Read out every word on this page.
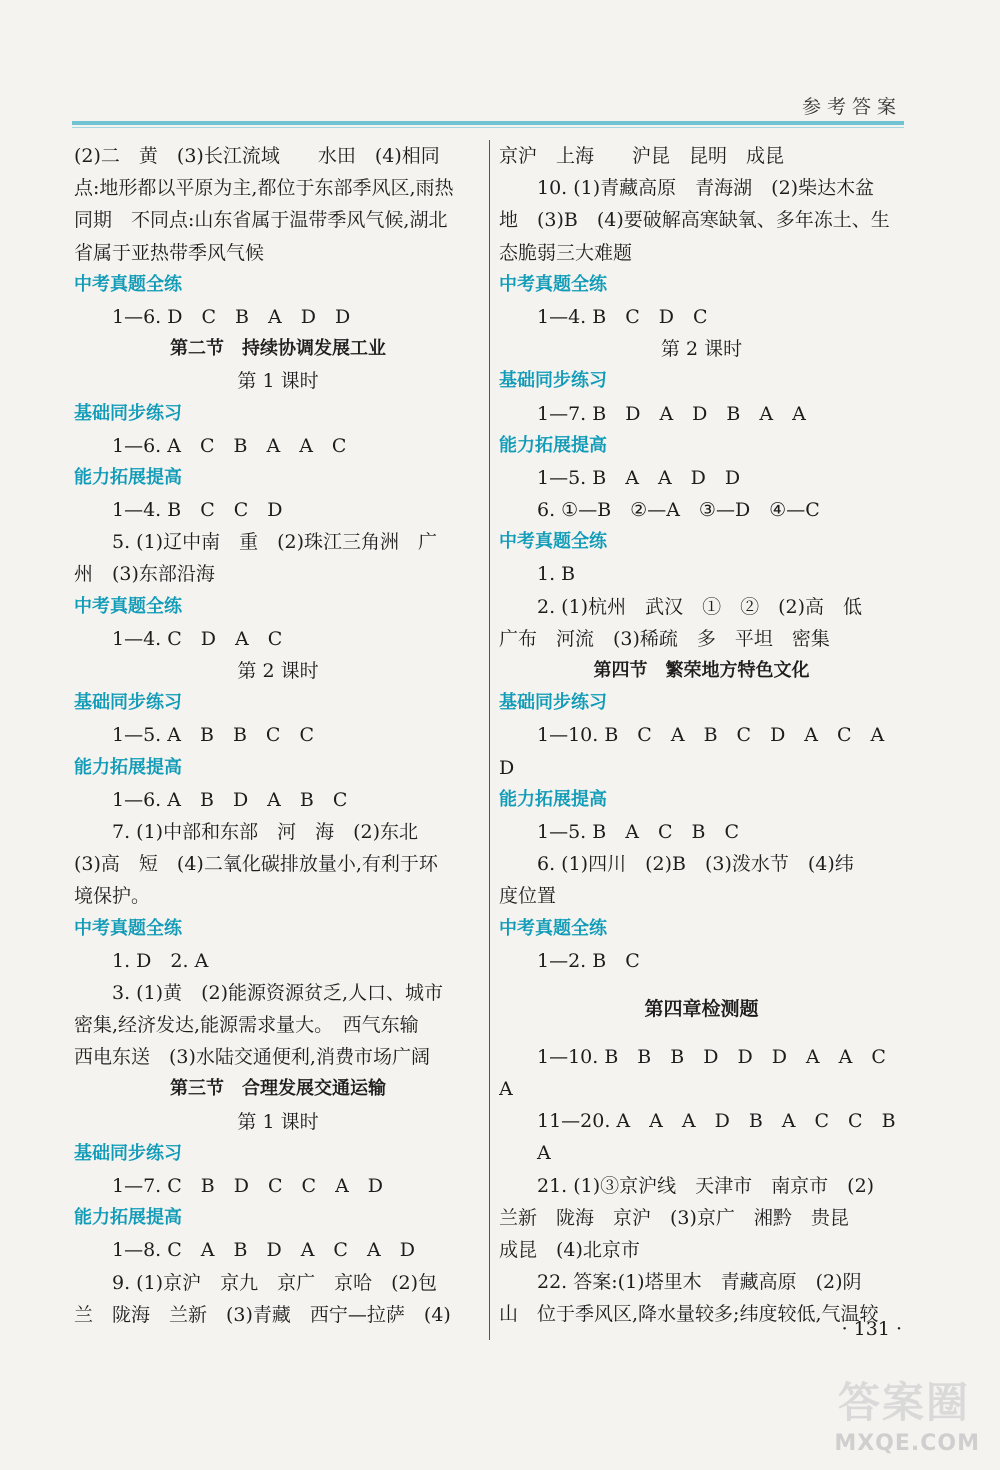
参考答案
(2)二　黄　(3)长江流域　　水田　(4)相同
点:地形都以平原为主,都位于东部季风区,雨热
同期　不同点:山东省属于温带季风气候,湖北
省属于亚热带季风气候
中考真题全练
1—6. D　C　B　A　D　D
第二节　持续协调发展工业
第 1 课时
基础同步练习
1—6. A　C　B　A　A　C
能力拓展提高
1—4. B　C　C　D
5. (1)辽中南　重　(2)珠江三角洲　广
州　(3)东部沿海
中考真题全练
1—4. C　D　A　C
第 2 课时
基础同步练习
1—5. A　B　B　C　C
能力拓展提高
1—6. A　B　D　A　B　C
7. (1)中部和东部　河　海　(2)东北
(3)高　短　(4)二氧化碳排放量小,有利于环
境保护。
中考真题全练
1. D　2. A
3. (1)黄　(2)能源资源贫乏,人口、城市
密集,经济发达,能源需求量大。　西气东输
西电东送　(3)水陆交通便利,消费市场广阔
第三节　合理发展交通运输
第 1 课时
基础同步练习
1—7. C　B　D　C　C　A　D
能力拓展提高
1—8. C　A　B　D　A　C　A　D
9. (1)京沪　京九　京广　京哈　(2)包
兰　陇海　兰新　(3)青藏　西宁—拉萨　(4)
京沪　上海　　沪昆　昆明　成昆
10. (1)青藏高原　青海湖　(2)柴达木盆
地　(3)B　(4)要破解高寒缺氧、多年冻土、生
态脆弱三大难题
中考真题全练
1—4. B　C　D　C
第 2 课时
基础同步练习
1—7. B　D　A　D　B　A　A
能力拓展提高
1—5. B　A　A　D　D
6. ①—B　②—A　③—D　④—C
中考真题全练
1. B
2. (1)杭州　武汉　①　②　(2)高　低
广布　河流　(3)稀疏　多　平坦　密集
第四节　繁荣地方特色文化
基础同步练习
1—10. B　C　A　B　C　D　A　C　A
D
能力拓展提高
1—5. B　A　C　B　C
6. (1)四川　(2)B　(3)泼水节　(4)纬
度位置
中考真题全练
1—2. B　C
第四章检测题
1—10. B　B　B　D　D　D　A　A　C
A
11—20. A　A　A　D　B　A　C　C　B
A
21. (1)③京沪线　天津市　南京市　(2)
兰新　陇海　京沪　(3)京广　湘黔　贵昆
成昆　(4)北京市
22. 答案:(1)塔里木　青藏高原　(2)阴
山　位于季风区,降水量较多;纬度较低,气温较
· 131 ·
答案圈
MXQE.COM
